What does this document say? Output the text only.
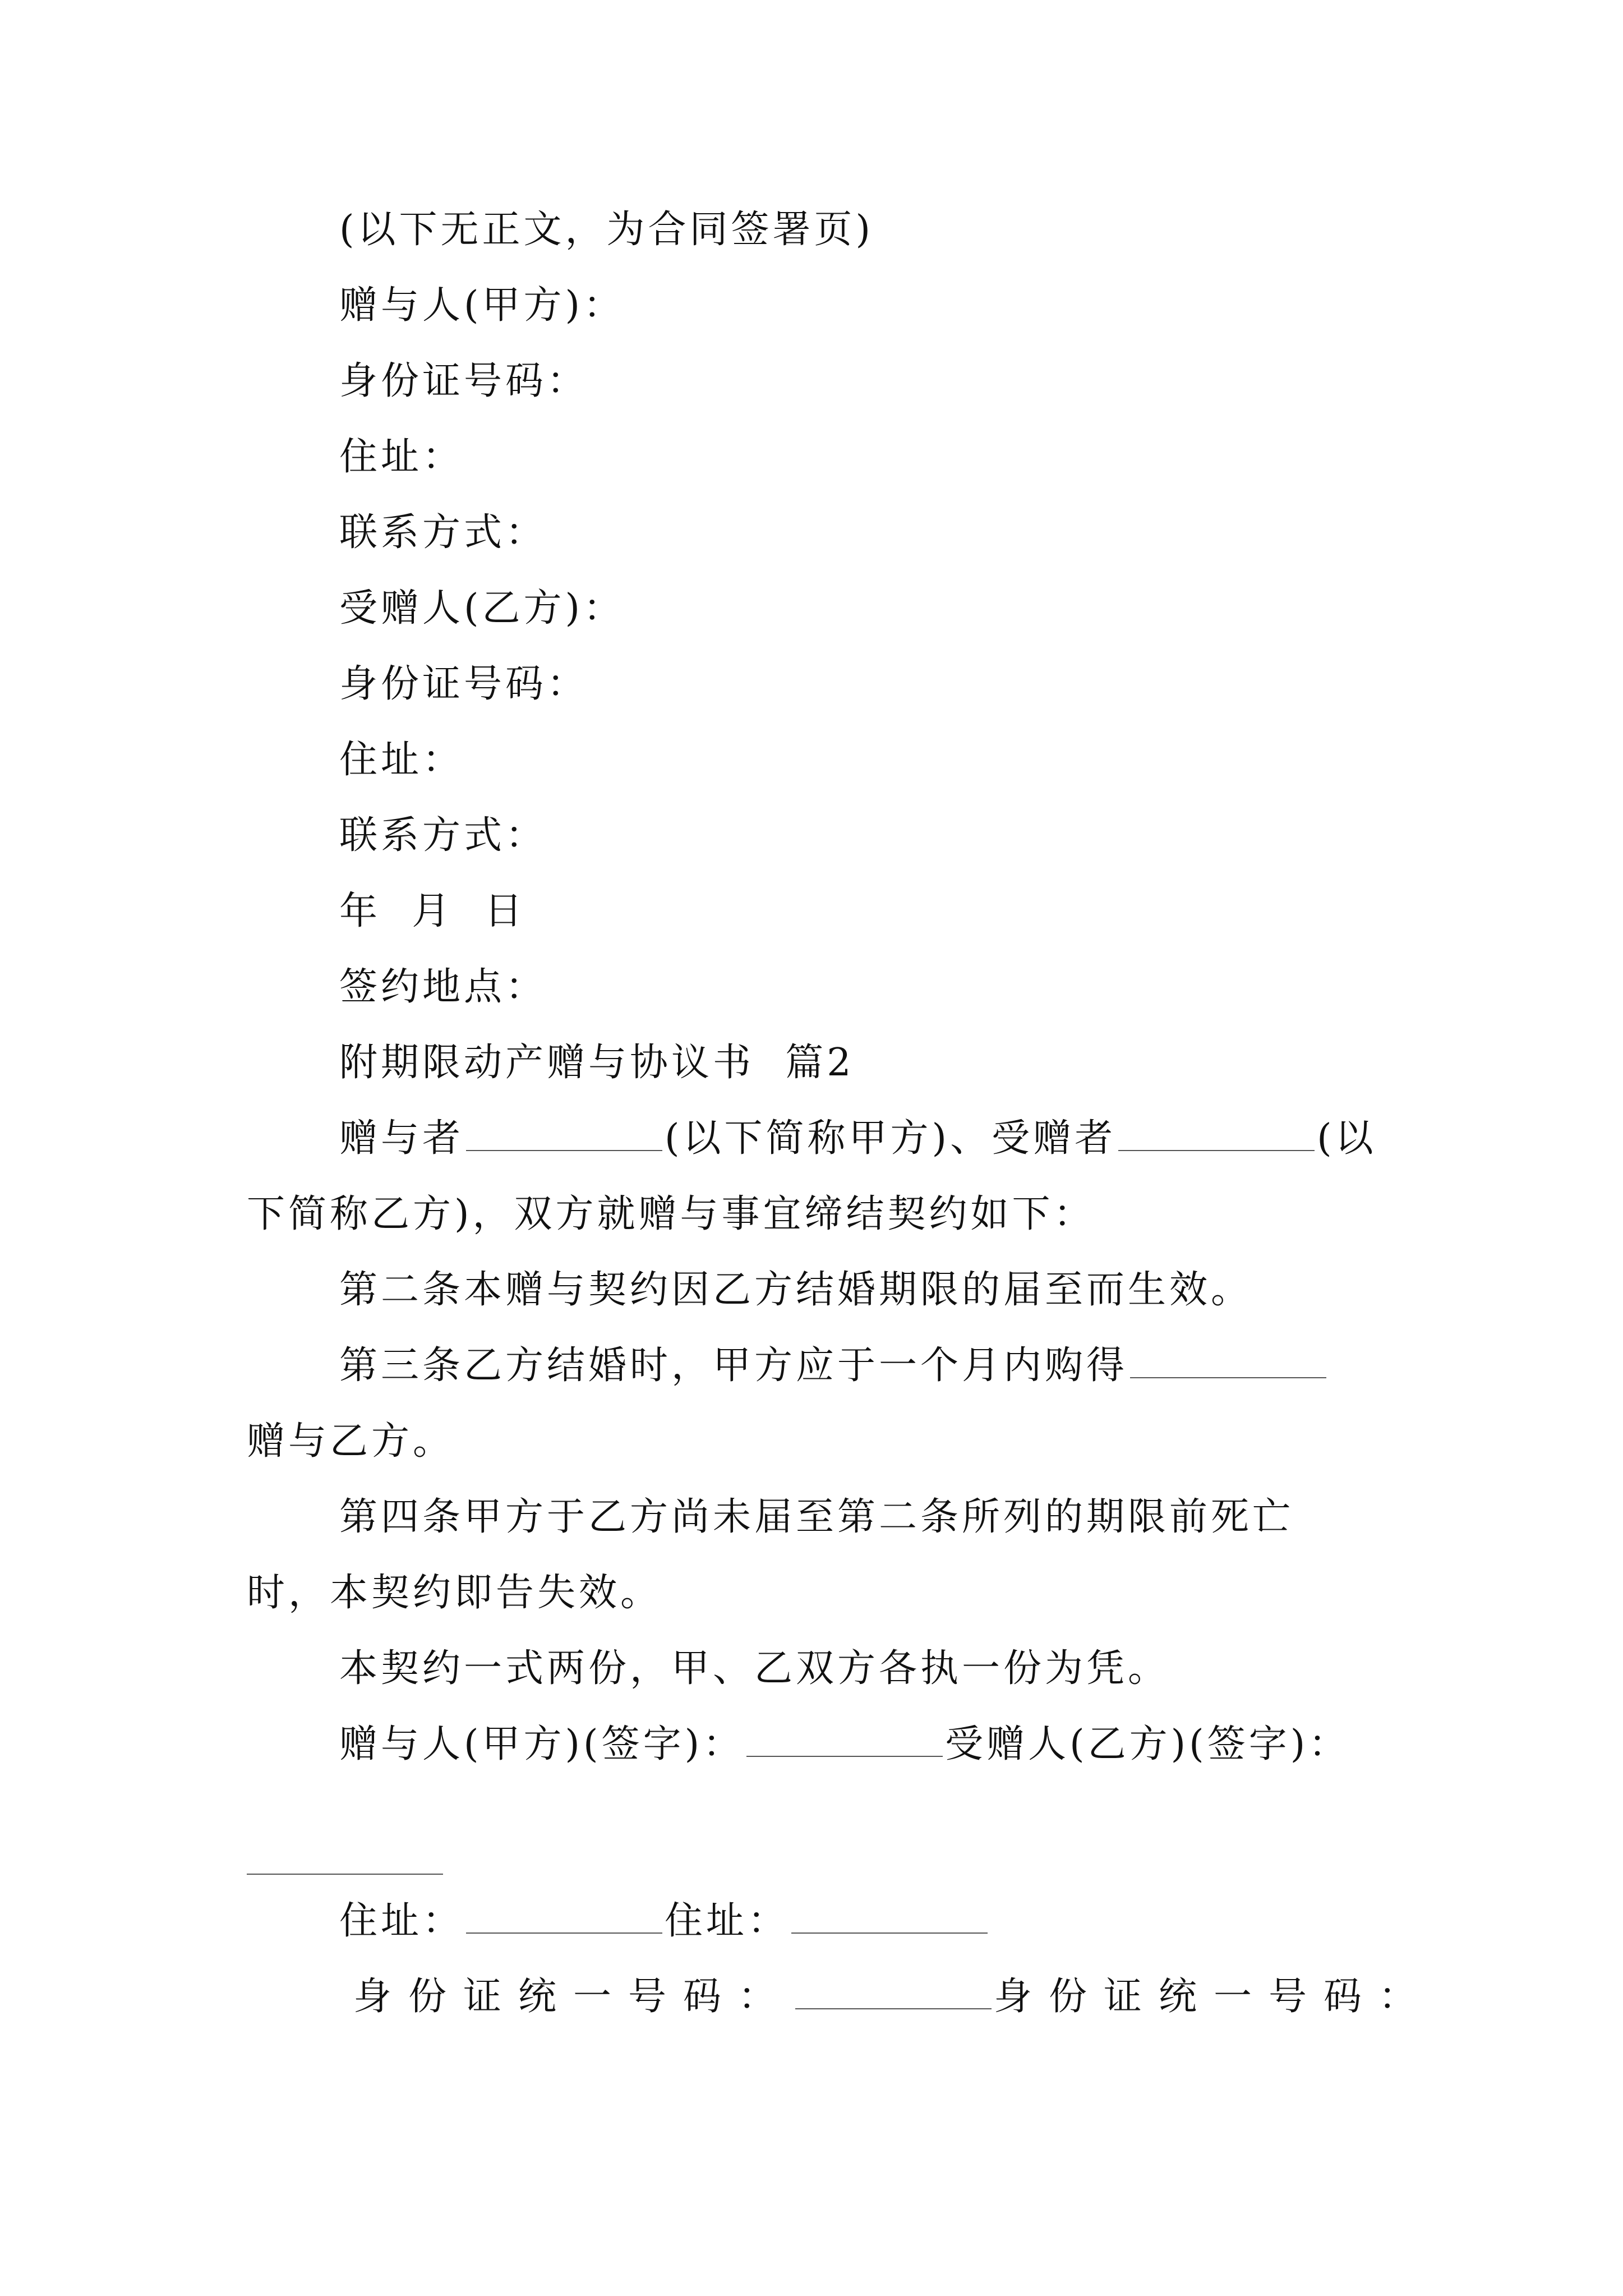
(以下无正文，为合同签署页)
赠与人(甲方)：
身份证号码：
住址：
联系方式：
受赠人(乙方)：
身份证号码：
住址：
联系方式：
年  月  日
签约地点：
附期限动产赠与协议书  篇2
赠与者	(以下简称甲方)、受赠者	(以
下简称乙方)，双方就赠与事宜缔结契约如下：
第二条本赠与契约因乙方结婚期限的届至而生效。
第三条乙方结婚时，甲方应于一个月内购得
赠与乙方。
第四条甲方于乙方尚未届至第二条所列的期限前死亡
时，本契约即告失效。
本契约一式两份，甲、乙双方各执一份为凭。
赠与人(甲方)(签字)：	受赠人(乙方)(签字)：
住址：	住址：
身份证统一号码：	身份证统一号码：
